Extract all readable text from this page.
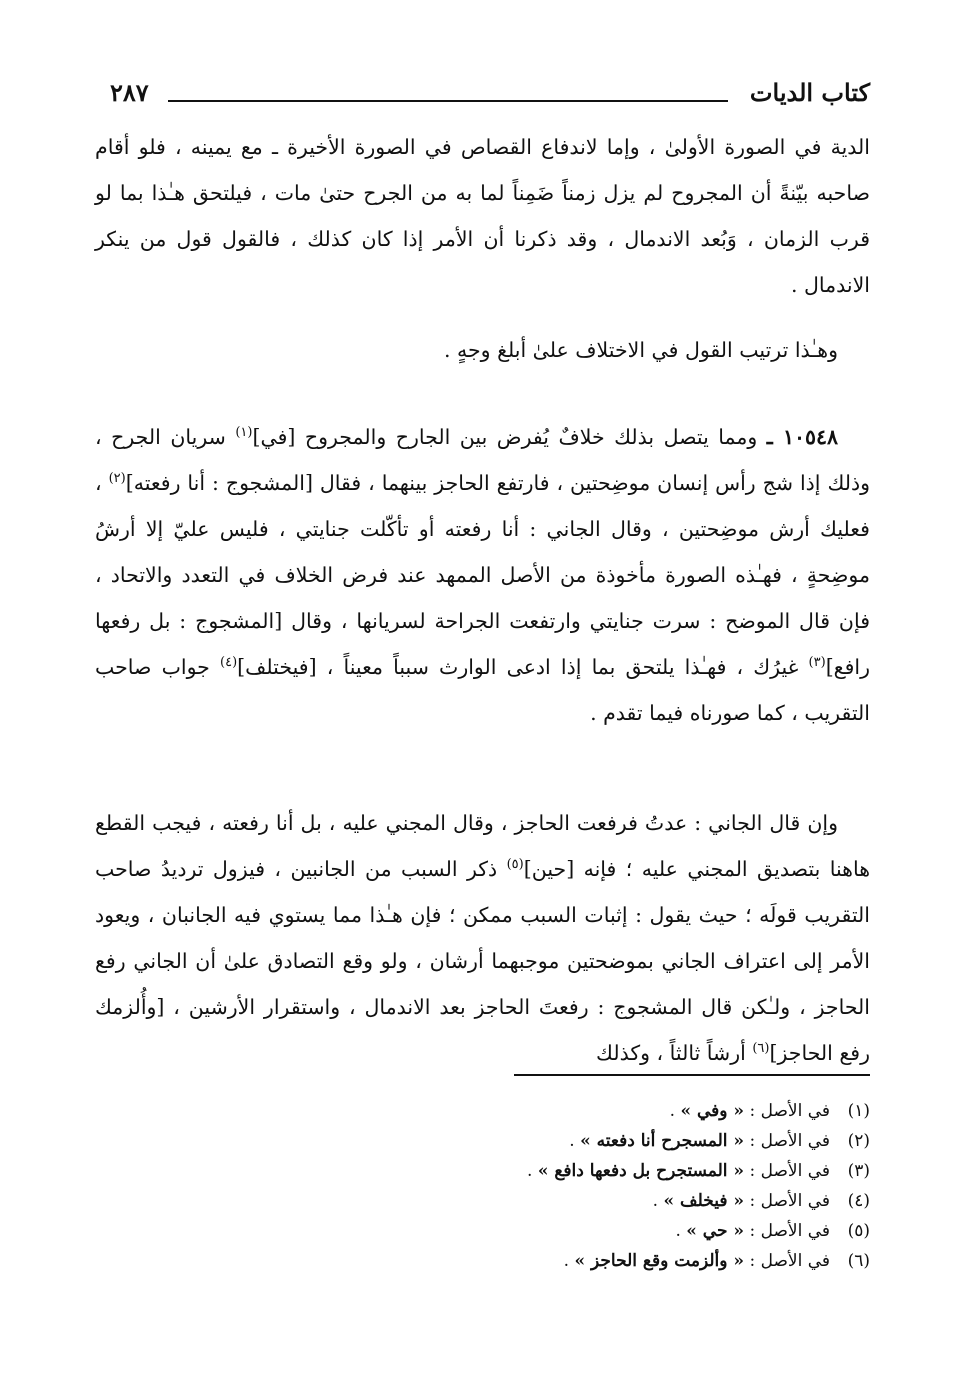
كتاب الديات
٢٨٧

الدية في الصورة الأولىٰ ، وإما لاندفاع القصاص في الصورة الأخيرة ـ مع يمينه ، فلو أقام صاحبه بيّنةً أن المجروح لم يزل زمناً ضَمِناً لما به من الجرح حتىٰ مات ، فيلتحق هـٰذا بما لو قرب الزمان ، وَبُعد الاندمال ، وقد ذكرنا أن الأمر إذا كان كذلك ، فالقول قول من ينكر الاندمال .

وهـٰذا ترتيب القول في الاختلاف علىٰ أبلغ وجهٍ .

١٠٥٤٨ ـ ومما يتصل بذلك خلافٌ يُفرض بين الجارح والمجروح [في]$^{(١)}$ سريان الجرح ، وذلك إذا شج رأس إنسان موضِحتين ، فارتفع الحاجز بينهما ، فقال [المشجوج : أنا رفعته]$^{(٢)}$ ، فعليك أرش موضِحتين ، وقال الجاني : أنا رفعته أو تأكّلت جنايتي ، فليس عليّ إلا أرشُ موضِحةٍ ، فهـٰذه الصورة مأخوذة من الأصل الممهد عند فرض الخلاف في التعدد والاتحاد ، فإن قال الموضح : سرت جنايتي وارتفعت الجراحة لسريانها ، وقال [المشجوج : بل رفعها رافع]$^{(٣)}$ غيرُك ، فهـٰذا يلتحق بما إذا ادعى الوارث سبباً معيناً ، [فيختلف]$^{(٤)}$ جواب صاحب التقريب ، كما صورناه فيما تقدم .

وإن قال الجاني : عدتُ فرفعت الحاجز ، وقال المجني عليه ، بل أنا رفعته ، فيجب القطع هاهنا بتصديق المجني عليه ؛ فإنه [حين]$^{(٥)}$ ذكر السبب من الجانبين ، فيزول ترديدُ صاحب التقريب قولَه ؛ حيث يقول : إثبات السبب ممكن ؛ فإن هـٰذا مما يستوي فيه الجانبان ، ويعود الأمر إلى اعتراف الجاني بموضحتين موجبهما أرشان ، ولو وقع التصادق علىٰ أن الجاني رفع الحاجز ، ولـٰكن قال المشجوج : رفعتَ الحاجز بعد الاندمال ، واستقرار الأرشين ، [وأُلزمك رفع الحاجز]$^{(٦)}$ أرشاً ثالثاً ، وكذلك

(١)في الأصل : « وفي » .
(٢)في الأصل : « المسجرح أنا دفعته » .
(٣)في الأصل : « المستجرح بل دفعها دافع » .
(٤)في الأصل : « فيخلف » .
(٥)في الأصل : « حي » .
(٦)في الأصل : « وألزمت وقع الحاجز » .
